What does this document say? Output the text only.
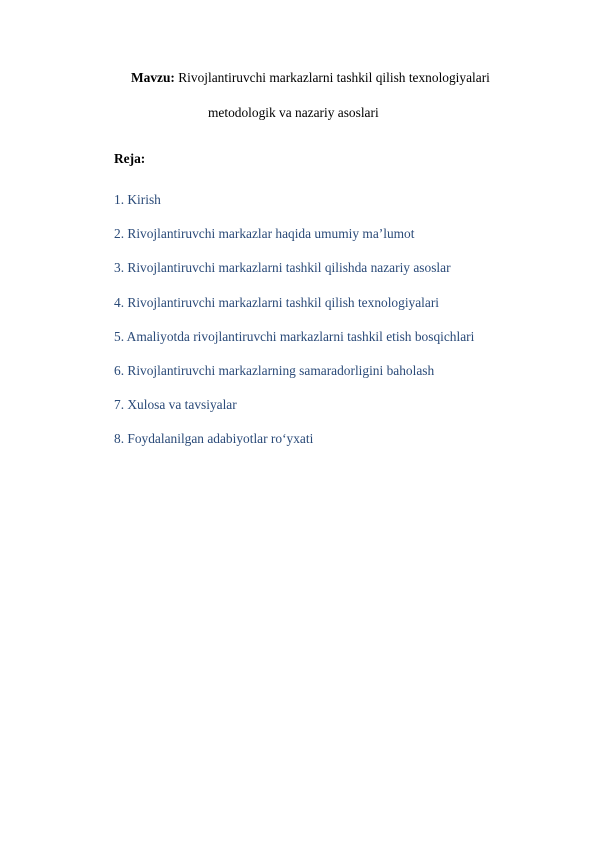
Mavzu: Rivojlantiruvchi markazlarni tashkil qilish texnologiyalari
metodologik va nazariy asoslari
Reja:
1. Kirish
2. Rivojlantiruvchi markazlar haqida umumiy ma’lumot
3. Rivojlantiruvchi markazlarni tashkil qilishda nazariy asoslar
4. Rivojlantiruvchi markazlarni tashkil qilish texnologiyalari
5. Amaliyotda rivojlantiruvchi markazlarni tashkil etish bosqichlari
6. Rivojlantiruvchi markazlarning samaradorligini baholash
7. Xulosa va tavsiyalar
8. Foydalanilgan adabiyotlar ro‘yxati
